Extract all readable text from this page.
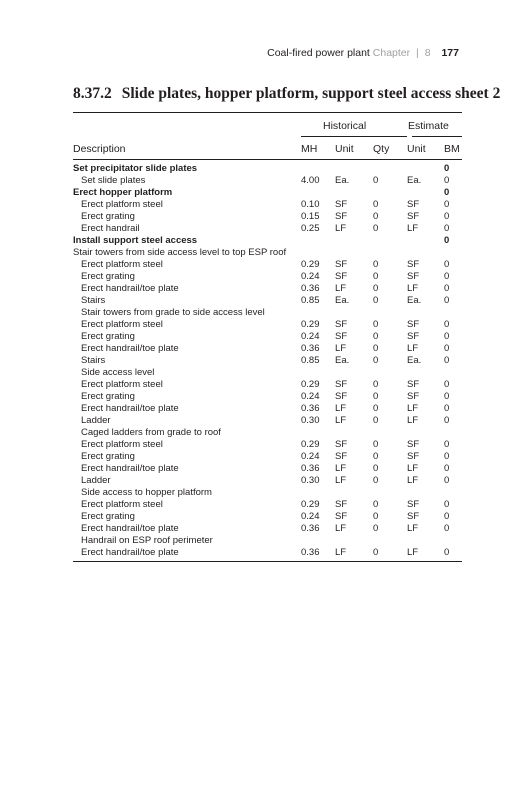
Coal-fired power plant Chapter | 8 177
8.37.2 Slide plates, hopper platform, support steel access sheet 2
Historical	Estimate
Description	MH Unit Qty Unit BM
Set precipitator slide plates					0
Set slide plates	4.00	Ea.	0	Ea.	0
Erect hopper platform					0
Erect platform steel	0.10	SF	0	SF	0
Erect grating	0.15	SF	0	SF	0
Erect handrail	0.25	LF	0	LF	0
Install support steel access					0
Stair towers from side access level to top ESP roof					
Erect platform steel	0.29	SF	0	SF	0
Erect grating	0.24	SF	0	SF	0
Erect handrail/toe plate	0.36	LF	0	LF	0
Stairs	0.85	Ea.	0	Ea.	0
Stair towers from grade to side access level					
Erect platform steel	0.29	SF	0	SF	0
Erect grating	0.24	SF	0	SF	0
Erect handrail/toe plate	0.36	LF	0	LF	0
Stairs	0.85	Ea.	0	Ea.	0
Side access level					
Erect platform steel	0.29	SF	0	SF	0
Erect grating	0.24	SF	0	SF	0
Erect handrail/toe plate	0.36	LF	0	LF	0
Ladder	0.30	LF	0	LF	0
Caged ladders from grade to roof					
Erect platform steel	0.29	SF	0	SF	0
Erect grating	0.24	SF	0	SF	0
Erect handrail/toe plate	0.36	LF	0	LF	0
Ladder	0.30	LF	0	LF	0
Side access to hopper platform					
Erect platform steel	0.29	SF	0	SF	0
Erect grating	0.24	SF	0	SF	0
Erect handrail/toe plate	0.36	LF	0	LF	0
Handrail on ESP roof perimeter					
Erect handrail/toe plate	0.36	LF	0	LF	0
